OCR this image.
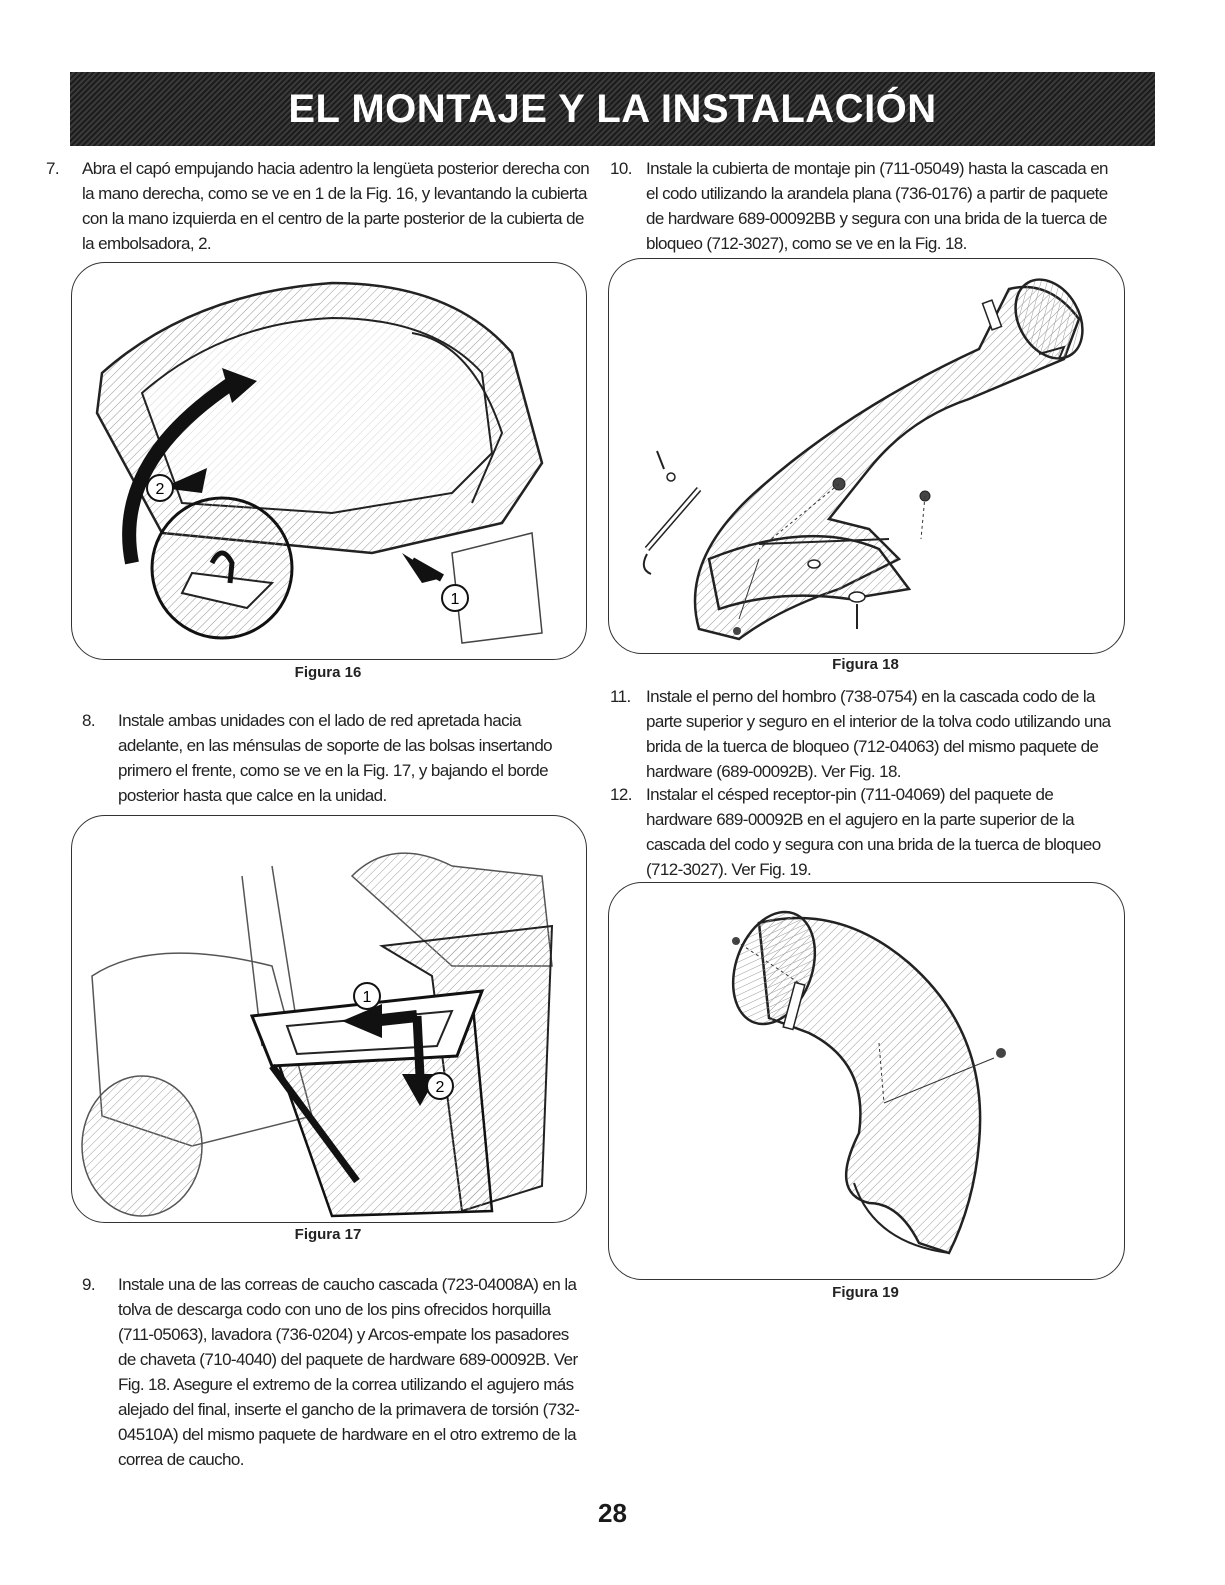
EL MONTAJE Y LA INSTALACIÓN
7. Abra el capó empujando hacia adentro la lengüeta posterior derecha con la mano derecha, como se ve en 1 de la Fig. 16, y levantando la cubierta con la mano izquierda en el centro de la parte posterior de la cubierta de la embolsadora, 2.
2
1
Figura 16
8. Instale ambas unidades con el lado de red apretada hacia adelante, en las ménsulas de soporte de las bolsas insertando primero el frente, como se ve en la Fig. 17, y bajando el borde posterior hasta que calce en la unidad.
1
2
Figura 17
9. Instale una de las correas de caucho cascada (723-04008A) en la tolva de descarga codo con uno de los pins ofrecidos horquilla (711-05063), lavadora (736-0204) y Arcos-empate los pasadores de chaveta (710-4040) del paquete de hardware 689-00092B. Ver Fig. 18. Asegure el extremo de la correa utilizando el agujero más alejado del final, inserte el gancho de la primavera de torsión (732-04510A) del mismo paquete de hardware en el otro extremo de la correa de caucho.
10. Instale la cubierta de montaje pin (711-05049) hasta la cascada en el codo utilizando la arandela plana (736-0176) a partir de paquete de hardware 689-00092BB y segura con una brida de la tuerca de bloqueo (712-3027), como se ve en la Fig. 18.
Figura 18
11. Instale el perno del hombro (738-0754) en la cascada codo de la parte superior y seguro en el interior de la tolva codo utilizando una brida de la tuerca de bloqueo (712-04063) del mismo paquete de hardware (689-00092B). Ver Fig. 18.
12. Instalar el césped receptor-pin (711-04069) del paquete de hardware 689-00092B en el agujero en la parte superior de la cascada del codo y segura con una brida de la tuerca de bloqueo (712-3027). Ver Fig. 19.
Figura 19
28
